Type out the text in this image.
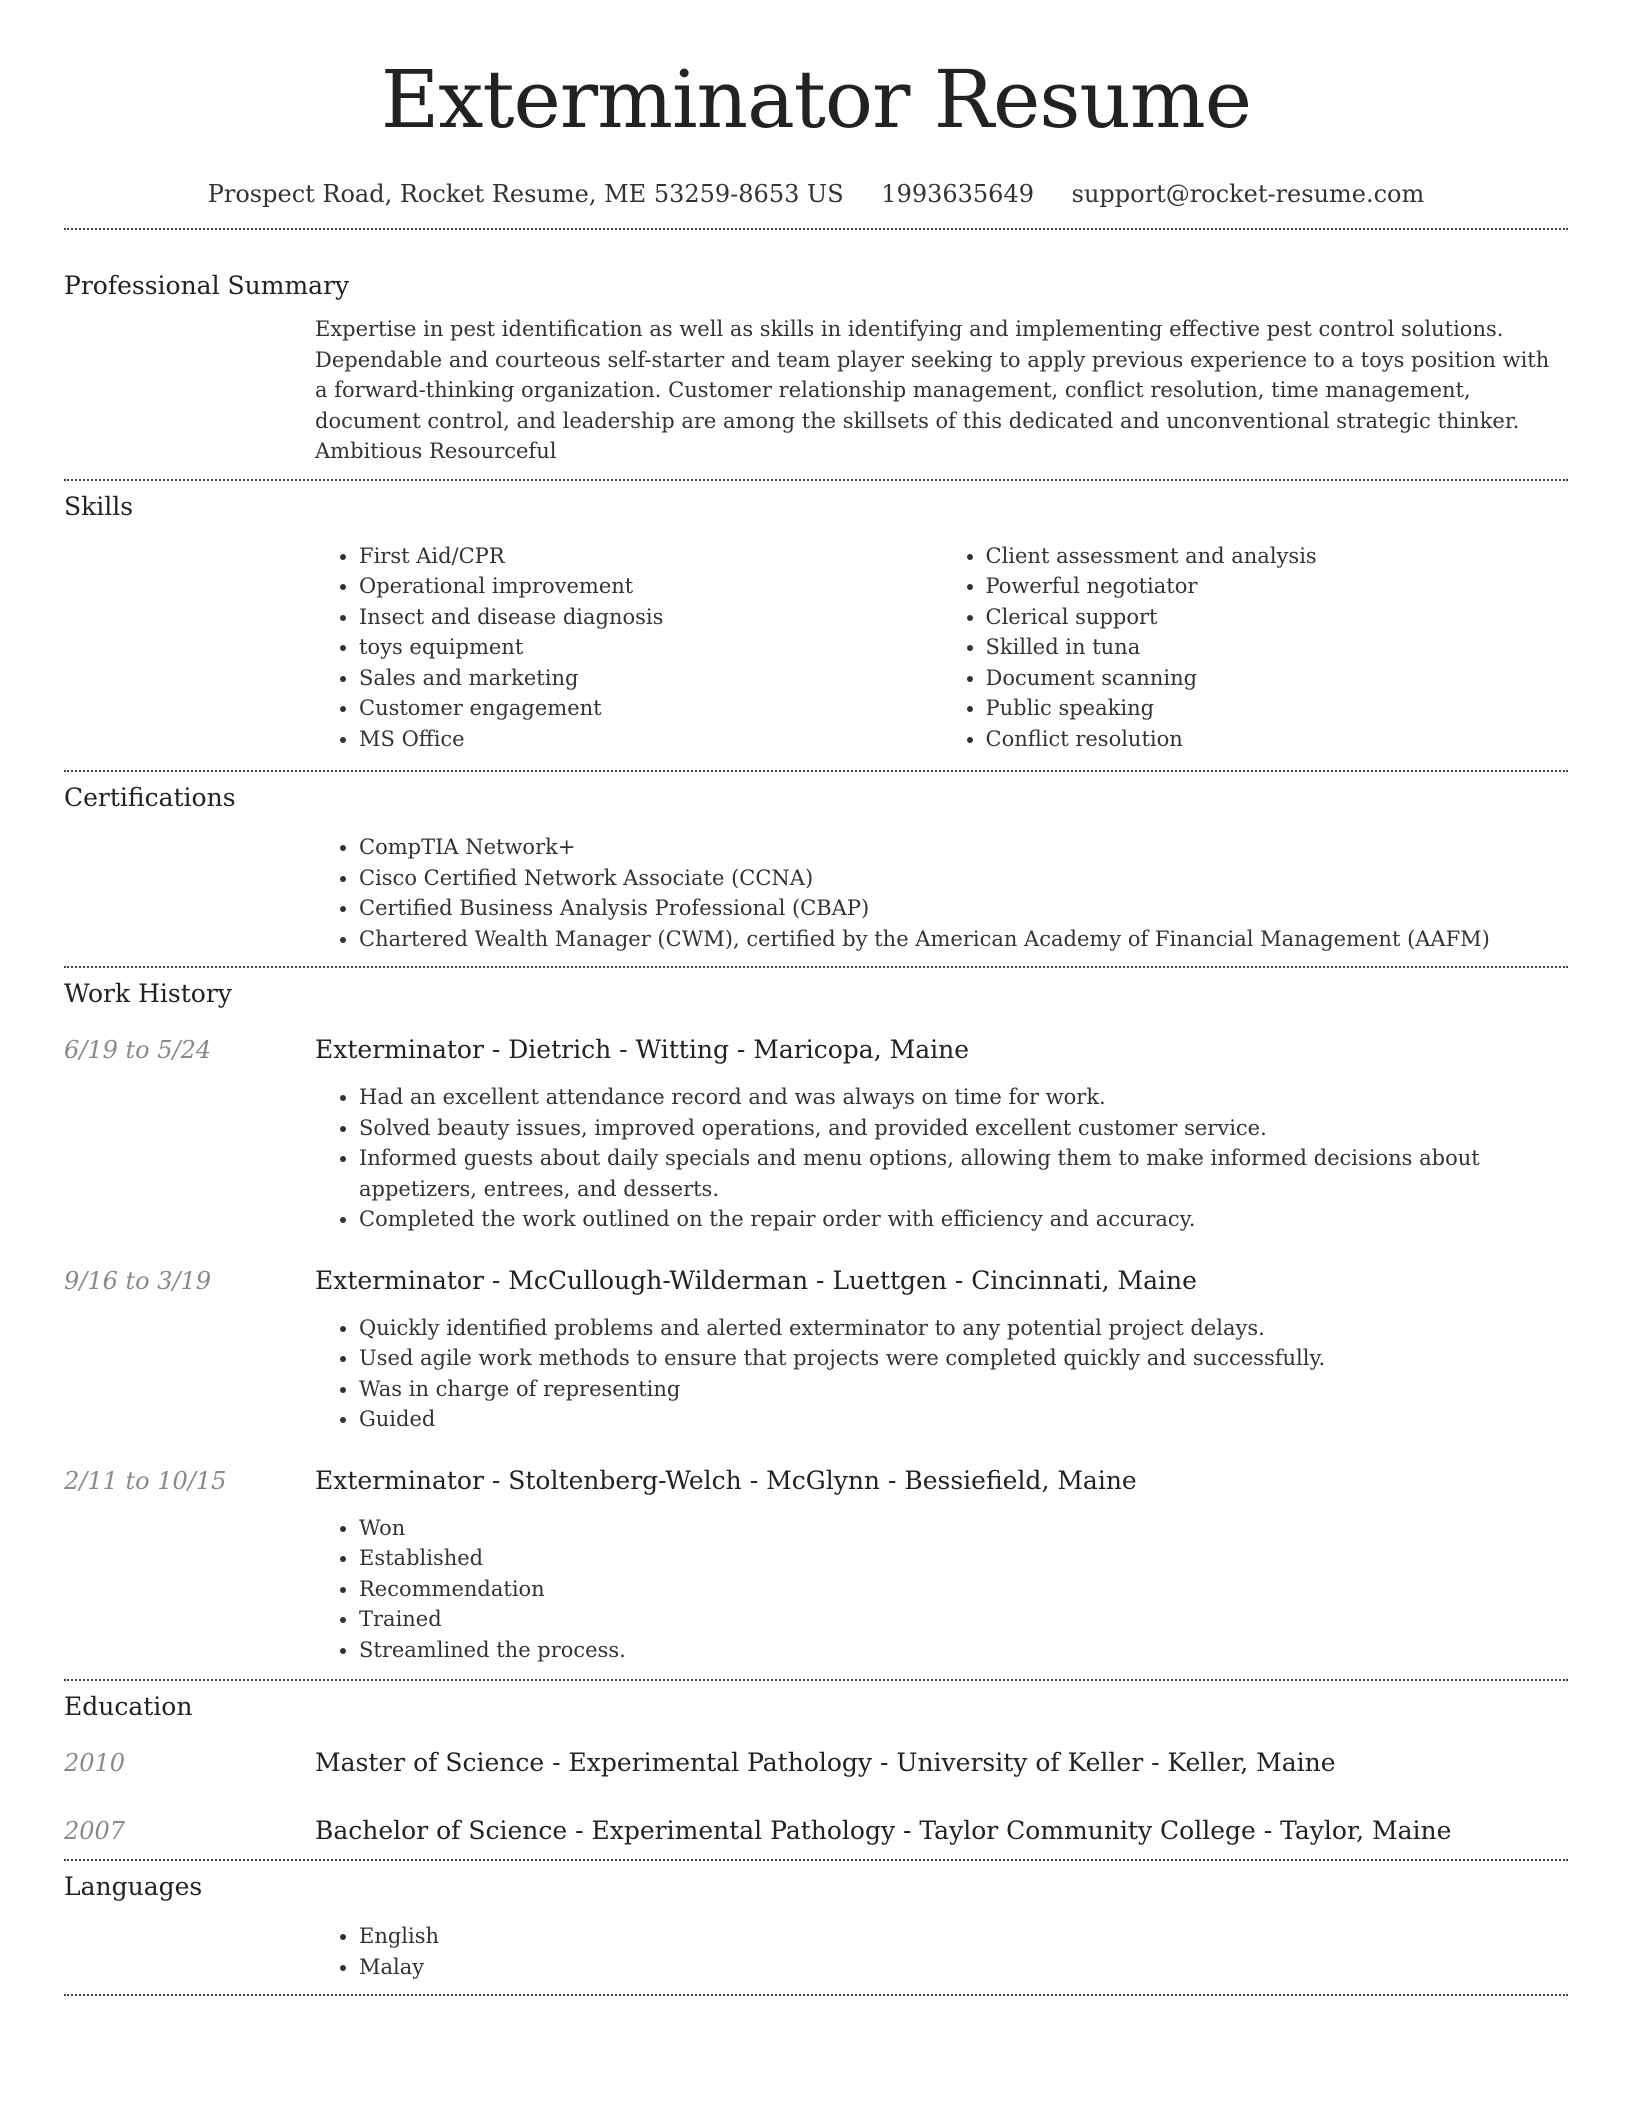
Exterminator Resume
Prospect Road, Rocket Resume, ME 53259-8653 US 1993635649 support@rocket-resume.com
Professional Summary

Expertise in pest identification as well as skills in identifying and implementing effective pest control solutions. Dependable and courteous self-starter and team player seeking to apply previous experience to a toys position with a forward-thinking organization. Customer relationship management, conflict resolution, time management, document control, and leadership are among the skillsets of this dedicated and unconventional strategic thinker. Ambitious Resourceful

Skills
• First Aid/CPR
• Operational improvement
• Insect and disease diagnosis
• toys equipment
• Sales and marketing
• Customer engagement
• MS Office
• Client assessment and analysis
• Powerful negotiator
• Clerical support
• Skilled in tuna
• Document scanning
• Public speaking
• Conflict resolution
Certifications
• CompTIA Network+
• Cisco Certified Network Associate (CCNA)
• Certified Business Analysis Professional (CBAP)
• Chartered Wealth Manager (CWM), certified by the American Academy of Financial Management (AAFM)
Work History
6/19 to 5/24	Exterminator - Dietrich - Witting - Maricopa, Maine
• Had an excellent attendance record and was always on time for work.
• Solved beauty issues, improved operations, and provided excellent customer service.
• Informed guests about daily specials and menu options, allowing them to make informed decisions about appetizers, entrees, and desserts.
• Completed the work outlined on the repair order with efficiency and accuracy.
9/16 to 3/19	Exterminator - McCullough-Wilderman - Luettgen - Cincinnati, Maine
• Quickly identified problems and alerted exterminator to any potential project delays.
• Used agile work methods to ensure that projects were completed quickly and successfully.
• Was in charge of representing
• Guided
2/11 to 10/15	Exterminator - Stoltenberg-Welch - McGlynn - Bessiefield, Maine
• Won
• Established
• Recommendation
• Trained
• Streamlined the process.
Education
2010	Master of Science - Experimental Pathology - University of Keller - Keller, Maine
2007	Bachelor of Science - Experimental Pathology - Taylor Community College - Taylor, Maine
Languages
• English
• Malay
